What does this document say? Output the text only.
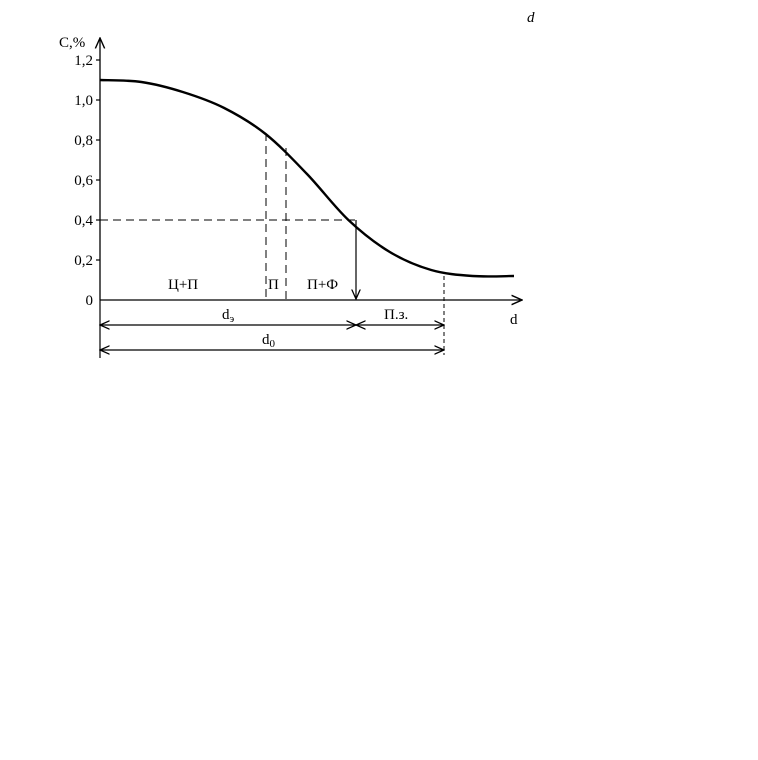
d
C,%
d
0
0,2
0,4
0,6
0,8
1,0
1,2
Ц+П	П П+Ф
$d_э$	П.з.
$d_0$
